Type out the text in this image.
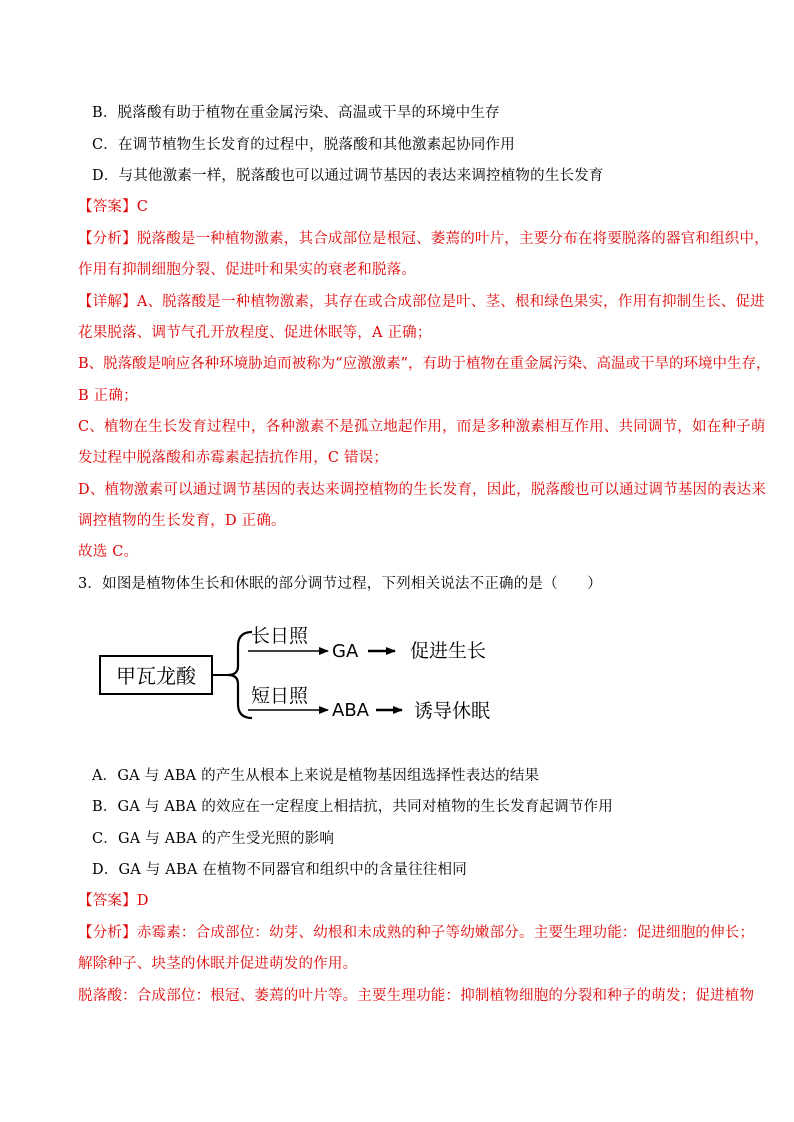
B．脱落酸有助于植物在重金属污染、高温或干旱的环境中生存
C．在调节植物生长发育的过程中，脱落酸和其他激素起协同作用
D．与其他激素一样，脱落酸也可以通过调节基因的表达来调控植物的生长发育
【答案】C
【分析】脱落酸是一种植物激素，其合成部位是根冠、萎蔫的叶片，主要分布在将要脱落的器官和组织中，
作用有抑制细胞分裂、促进叶和果实的衰老和脱落。
【详解】A、脱落酸是一种植物激素，其存在或合成部位是叶、茎、根和绿色果实，作用有抑制生长、促进
花果脱落、调节气孔开放程度、促进休眠等，A 正确；
B、脱落酸是响应各种环境胁迫而被称为“应激激素”，有助于植物在重金属污染、高温或干旱的环境中生存，
B 正确；
C、植物在生长发育过程中，各种激素不是孤立地起作用，而是多种激素相互作用、共同调节，如在种子萌
发过程中脱落酸和赤霉素起拮抗作用，C 错误；
D、植物激素可以通过调节基因的表达来调控植物的生长发育，因此，脱落酸也可以通过调节基因的表达来
调控植物的生长发育，D 正确。
故选 C。
3．如图是植物体生长和休眠的部分调节过程，下列相关说法不正确的是（　　）
甲瓦龙酸
长日照
GA	促进生长
短日照
ABA 诱导休眠
A．GA 与 ABA 的产生从根本上来说是植物基因组选择性表达的结果
B．GA 与 ABA 的效应在一定程度上相拮抗，共同对植物的生长发育起调节作用
C．GA 与 ABA 的产生受光照的影响
D．GA 与 ABA 在植物不同器官和组织中的含量往往相同
【答案】D
【分析】赤霉素：合成部位：幼芽、幼根和未成熟的种子等幼嫩部分。主要生理功能：促进细胞的伸长；
解除种子、块茎的休眠并促进萌发的作用。
脱落酸：合成部位：根冠、萎蔫的叶片等。主要生理功能：抑制植物细胞的分裂和种子的萌发；促进植物
